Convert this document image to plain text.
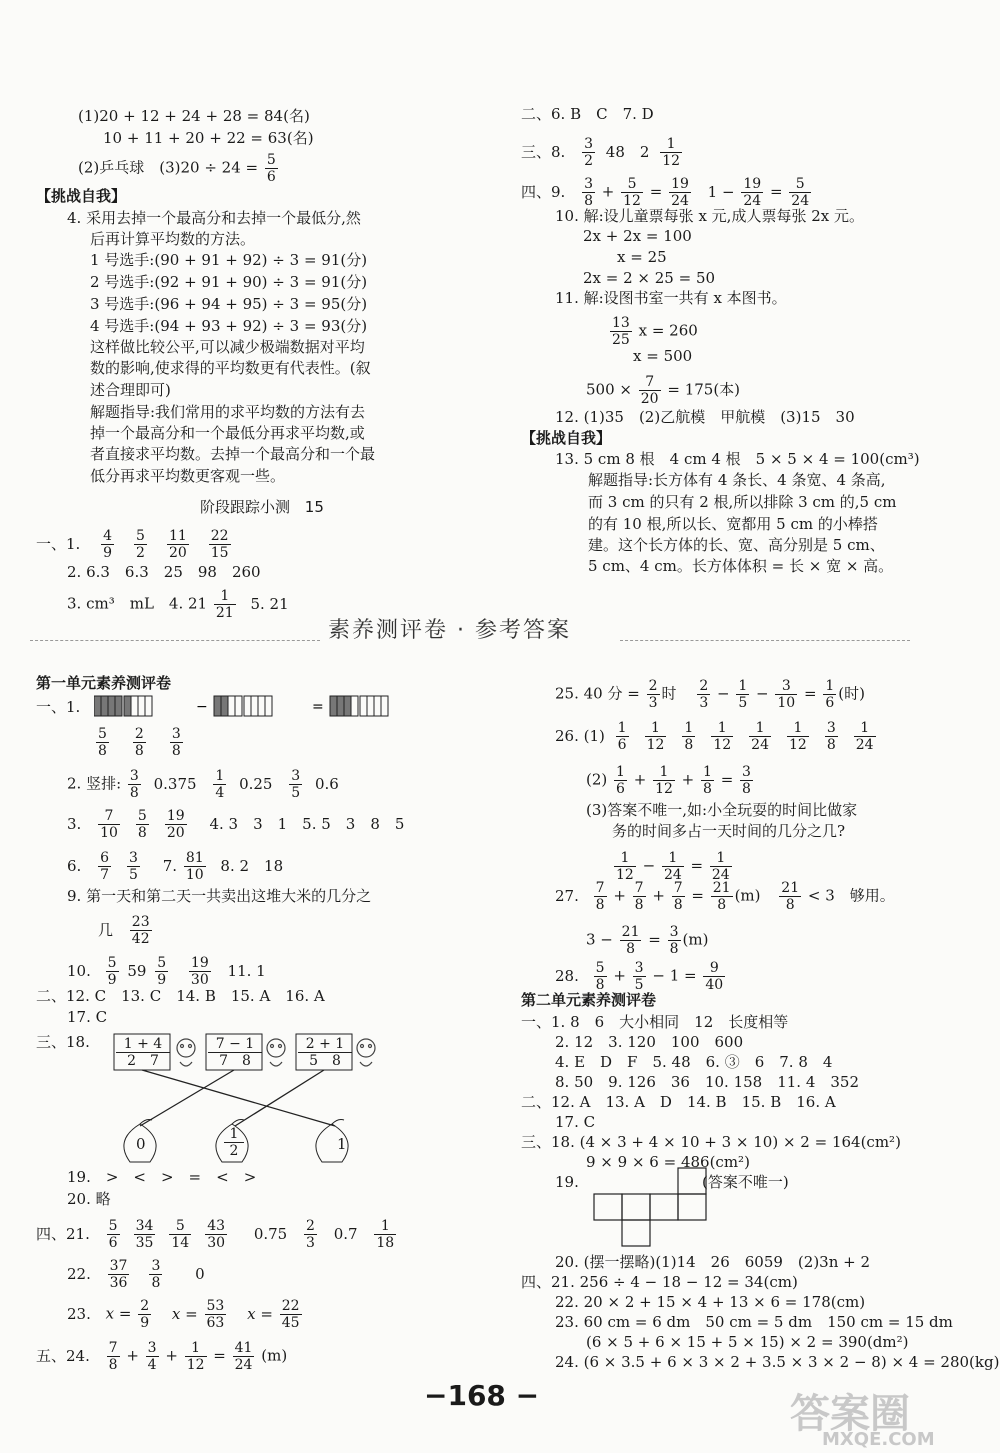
(1)20 + 12 + 24 + 28 = 84(名)
10 + 11 + 20 + 22 = 63(名)
(2)乒乓球　$(3)20 \div 24 = \frac{5}{6}$
【挑战自我】
4. 采用去掉一个最高分和去掉一个最低分,然
后再计算平均数的方法。
1 号选手:(90 + 91 + 92) ÷ 3 = 91(分)
2 号选手:(92 + 91 + 90) ÷ 3 = 91(分)
3 号选手:(96 + 94 + 95) ÷ 3 = 95(分)
4 号选手:(94 + 93 + 92) ÷ 3 = 93(分)
这样做比较公平,可以减少极端数据对平均
数的影响,使求得的平均数更有代表性。(叙
述合理即可)
解题指导:我们常用的求平均数的方法有去
掉一个最高分和一个最低分再求平均数,或
者直接求平均数。去掉一个最高分和一个最
低分再求平均数更客观一些。
阶段跟踪小测 15
一、1. $\frac{4}{9} \frac{5}{2} \frac{11}{20} \frac{22}{15}$
2. 6.3　6.3　25　98　260
3. cm³　mL　4. $21 \frac{1}{21} 5$. 21
二、6. B　C　7. D
三、8. $\frac{3}{2} 48$　$2 \frac{1}{12}$
四、9. $\frac{3}{8} + \frac{5}{12} = \frac{19}{24} 1 - \frac{19}{24} = \frac{5}{24}$
10. 解:设儿童票每张 x 元,成人票每张 2x 元。
2x + 2x = 100
x = 25
2x = 2 × 25 = 50
11. 解:设图书室一共有 x 本图书。
$\frac{13}{25}$ x = 260
x = 500
$500 \times \frac{7}{20} = 175$(本)
12. (1)35　(2)乙航模　甲航模　(3)15　30
【挑战自我】
13. 5 cm 8 根　4 cm 4 根　5 × 5 × 4 = 100(cm³)
解题指导:长方体有 4 条长、4 条宽、4 条高,
而 3 cm 的只有 2 根,所以排除 3 cm 的,5 cm
的有 10 根,所以长、宽都用 5 cm 的小棒搭
建。这个长方体的长、宽、高分别是 5 cm、
5 cm、4 cm。长方体体积 = 长 × 宽 × 高。
素养测评卷 · 参考答案
第一单元素养测评卷
一、1.	−	=
$\frac{5}{8} \frac{2}{8} \frac{3}{8}$
2. 竖排: $\frac{3}{8} 0.375 \frac{1}{4} 0.25 \frac{3}{5} 0.6$
3. $\frac{7}{10} \frac{5}{8} \frac{19}{20} 4$. 3　3　1　5. 5　3　8　5
6. $\frac{6}{7} \frac{3}{5} 7$. $\frac{81}{10} 8$. 2　18
9. 第一天和第二天一共卖出这堆大米的几分之
几 $\frac{23}{42}$
10. $\frac{5}{9} 59 \frac{5}{9}$
$\frac{19}{30} 11$. 1
二、12. C　13. C　14. B　15. A　16. A
17. C
三、18.	1 + 4
2　7
7 − 1
7　8
2 + 1
5　8
0
1
2	1
19.　>　<　>　=　<　>
20. 略
四、21. $\frac{5}{6} \frac{34}{35} \frac{5}{14} \frac{43}{30} 0.75 \frac{2}{3} 0.7 \frac{1}{18}$
22. $\frac{37}{36} \frac{3}{8} 0$
23. $x = \frac{2}{9}$ $x = \frac{53}{63}$ $x = \frac{22}{45}$
五、24. $\frac{7}{8} + \frac{3}{4} + \frac{1}{12} = \frac{41}{24} (m)$
25. 40 分 = $\frac{2}{3}$ 时 $\frac{2}{3} - \frac{1}{5} - \frac{3}{10} = \frac{1}{6}$ (时)
26. $(1) \frac{1}{6} \frac{1}{12} \frac{1}{8} \frac{1}{12} \frac{1}{24} \frac{1}{12} \frac{3}{8} \frac{1}{24}$
$(2) \frac{1}{6} + \frac{1}{12} + \frac{1}{8} = \frac{3}{8}$
(3)答案不唯一,如:小全玩耍的时间比做家
务的时间多占一天时间的几分之几?
$\frac{1}{12} - \frac{1}{24} = \frac{1}{24}$
27. $\frac{7}{8} + \frac{7}{8} + \frac{7}{8} = \frac{21}{8} (m) \frac{21}{8} < 3$　够用。
$3 - \frac{21}{8} = \frac{3}{8} (m)$
28. $\frac{5}{8} + \frac{3}{5} - 1 = \frac{9}{40}$
第二单元素养测评卷
一、1. 8　6　大小相同　12　长度相等
2. 12　3. 120　100　600
4. E　D　F　5. 48　6. ③　6　7. 8　4
8. 50　9. 126　36　10. 158　11. 4　352
二、12. A　13. A　D　14. B　15. B　16. A
17. C
三、18. (4 × 3 + 4 × 10 + 3 × 10) × 2 = 164(cm²)
9 × 9 × 6 = 486(cm²)
19.	(答案不唯一)
20. (摆一摆略)(1)14　26　6059　(2)3n + 2
四、21. 256 ÷ 4 − 18 − 12 = 34(cm)
22. 20 × 2 + 15 × 4 + 13 × 6 = 178(cm)
23. 60 cm = 6 dm　50 cm = 5 dm　150 cm = 15 dm
(6 × 5 + 6 × 15 + 5 × 15) × 2 = 390(dm²)
24. (6 × 3.5 + 6 × 3 × 2 + 3.5 × 3 × 2 − 8) × 4 = 280(kg)
−168 −	答案圈
MXQE.COM
